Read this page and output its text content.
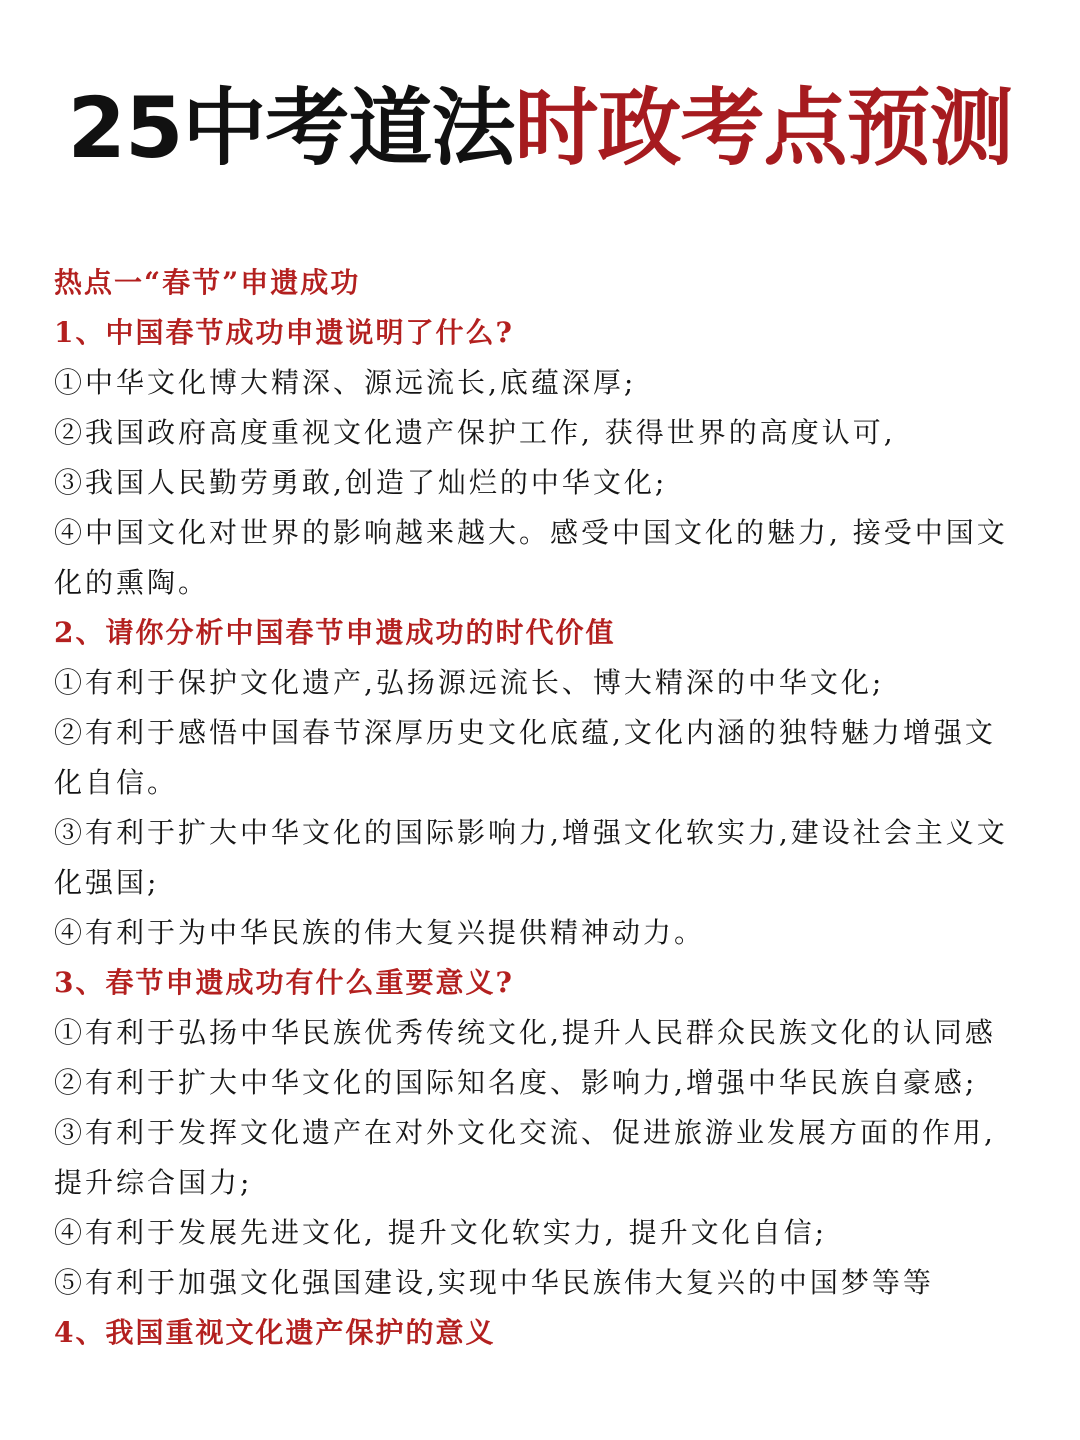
25中考道法时政考点预测
热点一“春节”申遗成功
1、中国春节成功申遗说明了什么?
①中华文化博大精深、源远流长,底蕴深厚;
②我国政府高度重视文化遗产保护工作, 获得世界的高度认可,
③我国人民勤劳勇敢,创造了灿烂的中华文化;
④中国文化对世界的影响越来越大。感受中国文化的魅力, 接受中国文
化的熏陶。
2、请你分析中国春节申遗成功的时代价值
①有利于保护文化遗产,弘扬源远流长、博大精深的中华文化;
②有利于感悟中国春节深厚历史文化底蕴,文化内涵的独特魅力增强文
化自信。
③有利于扩大中华文化的国际影响力,增强文化软实力,建设社会主义文
化强国;
④有利于为中华民族的伟大复兴提供精神动力。
3、春节申遗成功有什么重要意义?
①有利于弘扬中华民族优秀传统文化,提升人民群众民族文化的认同感
②有利于扩大中华文化的国际知名度、影响力,增强中华民族自豪感;
③有利于发挥文化遗产在对外文化交流、促进旅游业发展方面的作用,
提升综合国力;
④有利于发展先进文化, 提升文化软实力, 提升文化自信;
⑤有利于加强文化强国建设,实现中华民族伟大复兴的中国梦等等
4、我国重视文化遗产保护的意义
